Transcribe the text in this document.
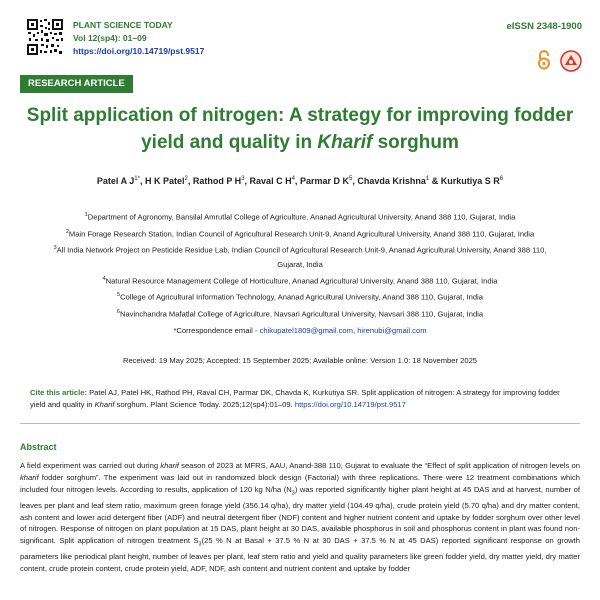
PLANT SCIENCE TODAY
Vol 12(sp4): 01–09
https://doi.org/10.14719/pst.9517
eISSN 2348-1900
RESEARCH ARTICLE
Split application of nitrogen: A strategy for improving fodder
yield and quality in Kharif sorghum
Patel A $J^{1*}$, H K Patel$^2$, Rathod P $H^3$, Raval C $H^4$, Parmar D $K^5$, Chavda Krishna$^1$ & Kurkutiya S $R^6$
$^1$Department of Agronomy, Bansilal Amrutlal College of Agriculture, Ananad Agricultural University, Anand 388 110, Gujarat, India
$^2$Main Forage Research Station, Indian Council of Agricultural Research Unit-9, Anand Agricultural University, Anand 388 110, Gujarat, India
$^3$All India Network Project on Pesticide Residue Lab, Indian Council of Agricultural Research Unit-9, Ananad Agricultural University, Anand 388 110, Gujarat, India
$^4$Natural Resource Management College of Horticulture, Ananad Agricultural University, Anand 388 110, Gujarat, India
$^5$College of Agricultural Information Technology, Ananad Agricultural University, Anand 388 110, Gujarat, India
$^6$Navinchandra Mafatlal College of Agriculture, Navsari Agricultural University, Navsari 388 110, Gujarat, India
*Correspondence email - chikupatel1809@gmail.com, hirenubi@gmail.com
Received: 19 May 2025; Accepted: 15 September 2025; Available online: Version 1.0: 18 November 2025
Cite this article: Patel AJ, Patel HK, Rathod PH, Raval CH, Parmar DK, Chavda K, Kurkutiya SR. Split application of nitrogen: A strategy for improving fodder yield and quality in Kharif sorghum. Plant Science Today. 2025;12(sp4):01–09. https://doi.org/10.14719/pst.9517
Abstract
A field experiment was carried out during kharif season of 2023 at MFRS, AAU, Anand-388 110, Gujarat to evaluate the “Effect of split application of nitrogen levels on kharif fodder sorghum”. The experiment was laid out in randomized block design (Factorial) with three replications. There were 12 treatment combinations which included four nitrogen levels. According to results, application of 120 kg N/ha $(N_3)$ was reported significantly higher plant height at 45 DAS and at harvest, number of leaves per plant and leaf stem ratio, maximum green forage yield (356.14 q/ha), dry matter yield (104.49 q/ha), crude protein yield (5.70 q/ha) and dry matter content, ash content and lower acid detergent fiber (ADF) and neutral detergent fiber (NDF) content and higher nutrient content and uptake by fodder sorghum over other level of nitrogen. Response of nitrogen on plant population at 15 DAS, plant height at 30 DAS, available phosphorus in soil and phosphorus content in plant was found non-significant. Split application of nitrogen treatment $S_3(25$ % N at Basal + 37.5 % N at 30 DAS + 37.5 % N at 45 DAS) reported significant response on growth parameters like periodical plant height, number of leaves per plant, leaf stem ratio and yield and quality parameters like green fodder yield, dry matter yield, dry matter content, crude protein content, crude protein yield, ADF, NDF, ash content and nutrient content and uptake by fodder
